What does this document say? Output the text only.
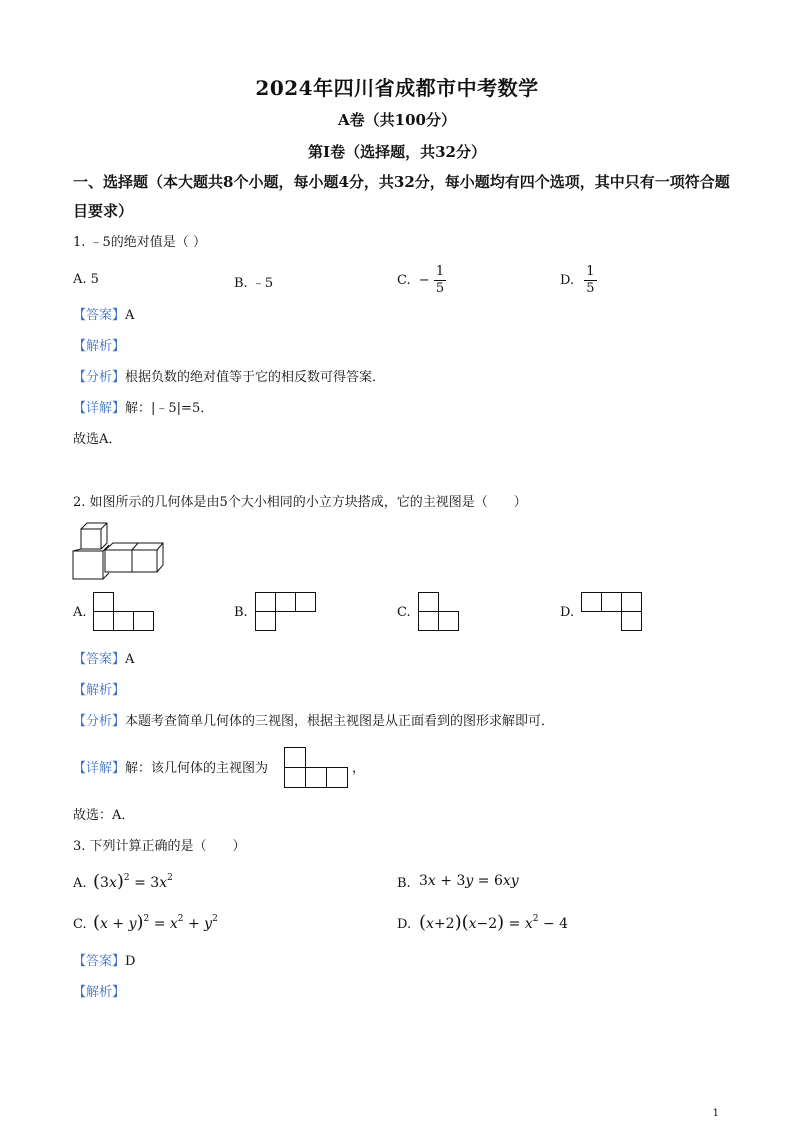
2024年四川省成都市中考数学
A卷（共100分）
第Ⅰ卷（选择题，共32分）
一、选择题（本大题共8个小题，每小题4分，共32分，每小题均有四个选项，其中只有一项符合题目要求）
1. ﹣5的绝对值是（ ）
A. 5	B. ﹣5	C. − $\frac{1}{5}$	D. $\frac{1}{5}$
【答案】A
【解析】
【分析】根据负数的绝对值等于它的相反数可得答案．
【详解】解：|﹣5|=5．
故选A．
2. 如图所示的几何体是由5个大小相同的小立方块搭成，它的主视图是（　　）
A.	B.	C.	D.
【答案】A
【解析】
【分析】本题考查简单几何体的三视图，根据主视图是从正面看到的图形求解即可．
【详解】解：该几何体的主视图为	，
故选：A．
3. 下列计算正确的是（　　）
A. $(3x)^2 = 3x^2$	B. 3x + 3y = 6xy
C. $(x + y)^2 = x^2 + y^2$	D. $(x+2)(x-2) = x^2 - 4$
【答案】D
【解析】
1
